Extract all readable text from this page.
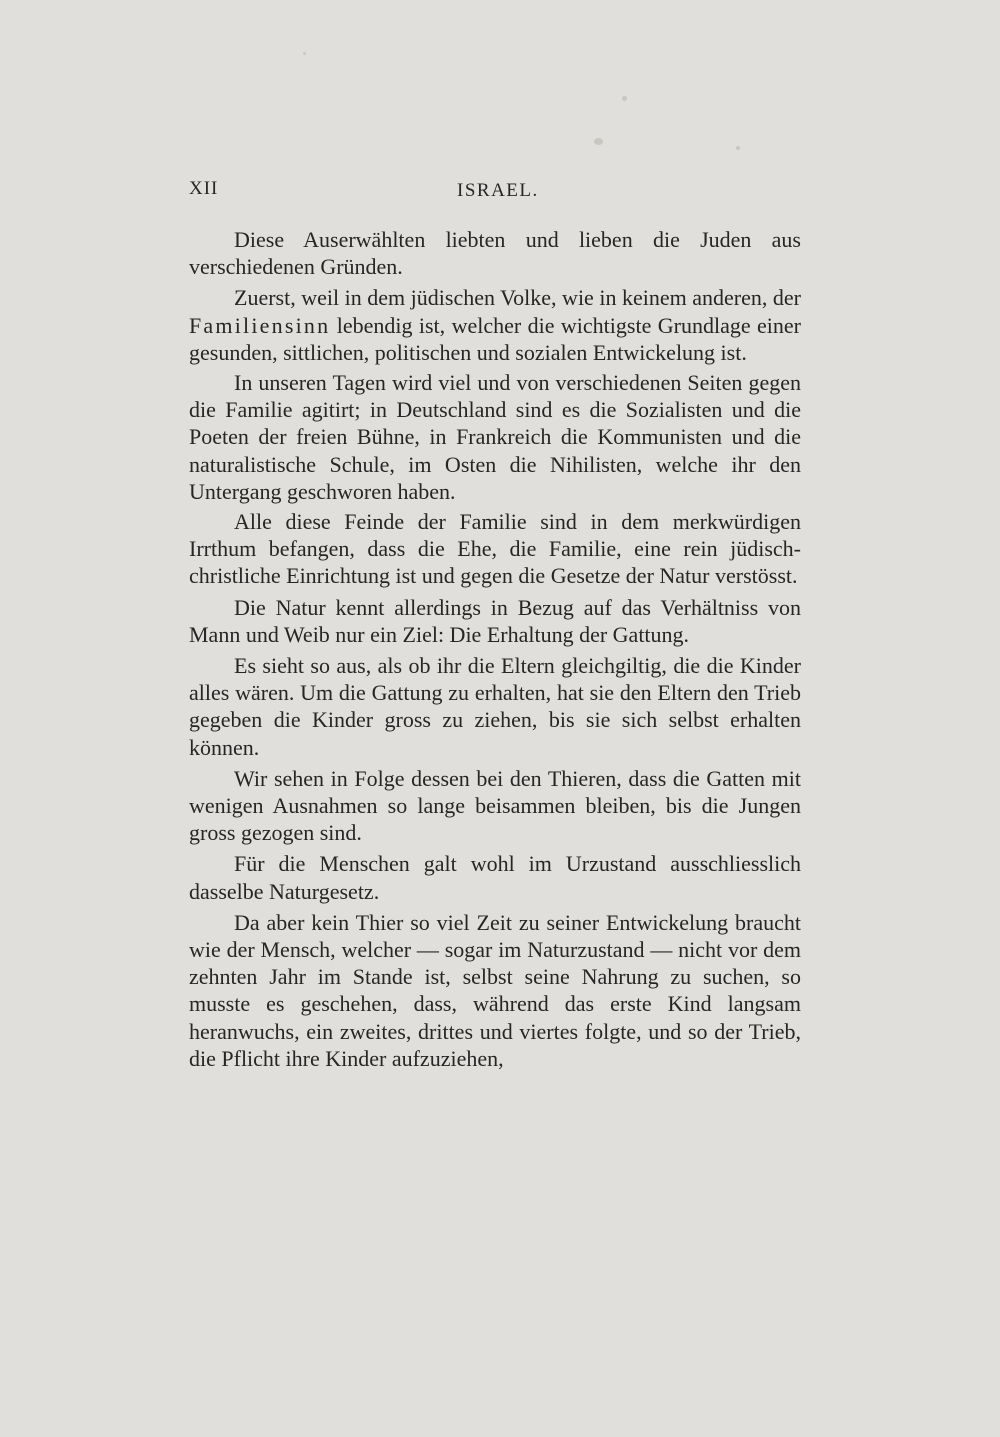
XII	ISRAEL.

Diese Auserwählten liebten und lieben die Juden aus verschiedenen Gründen.

Zuerst, weil in dem jüdischen Volke, wie in keinem anderen, der Familiensinn lebendig ist, welcher die wichtigste Grundlage einer gesunden, sittlichen, politischen und sozialen Entwickelung ist.

In unseren Tagen wird viel und von verschiedenen Seiten gegen die Familie agitirt; in Deutschland sind es die Sozialisten und die Poeten der freien Bühne, in Frankreich die Kommunisten und die naturalistische Schule, im Osten die Nihilisten, welche ihr den Untergang geschworen haben.

Alle diese Feinde der Familie sind in dem merkwürdigen Irrthum befangen, dass die Ehe, die Familie, eine rein jüdisch-christliche Einrichtung ist und gegen die Gesetze der Natur verstösst.

Die Natur kennt allerdings in Bezug auf das Verhältniss von Mann und Weib nur ein Ziel: Die Erhaltung der Gattung.

Es sieht so aus, als ob ihr die Eltern gleichgiltig, die die Kinder alles wären. Um die Gattung zu erhalten, hat sie den Eltern den Trieb gegeben die Kinder gross zu ziehen, bis sie sich selbst erhalten können.

Wir sehen in Folge dessen bei den Thieren, dass die Gatten mit wenigen Ausnahmen so lange beisammen bleiben, bis die Jungen gross gezogen sind.

Für die Menschen galt wohl im Urzustand ausschliesslich dasselbe Naturgesetz.

Da aber kein Thier so viel Zeit zu seiner Entwickelung braucht wie der Mensch, welcher — sogar im Naturzustand — nicht vor dem zehnten Jahr im Stande ist, selbst seine Nahrung zu suchen, so musste es geschehen, dass, während das erste Kind langsam heranwuchs, ein zweites, drittes und viertes folgte, und so der Trieb, die Pflicht ihre Kinder aufzuziehen,
